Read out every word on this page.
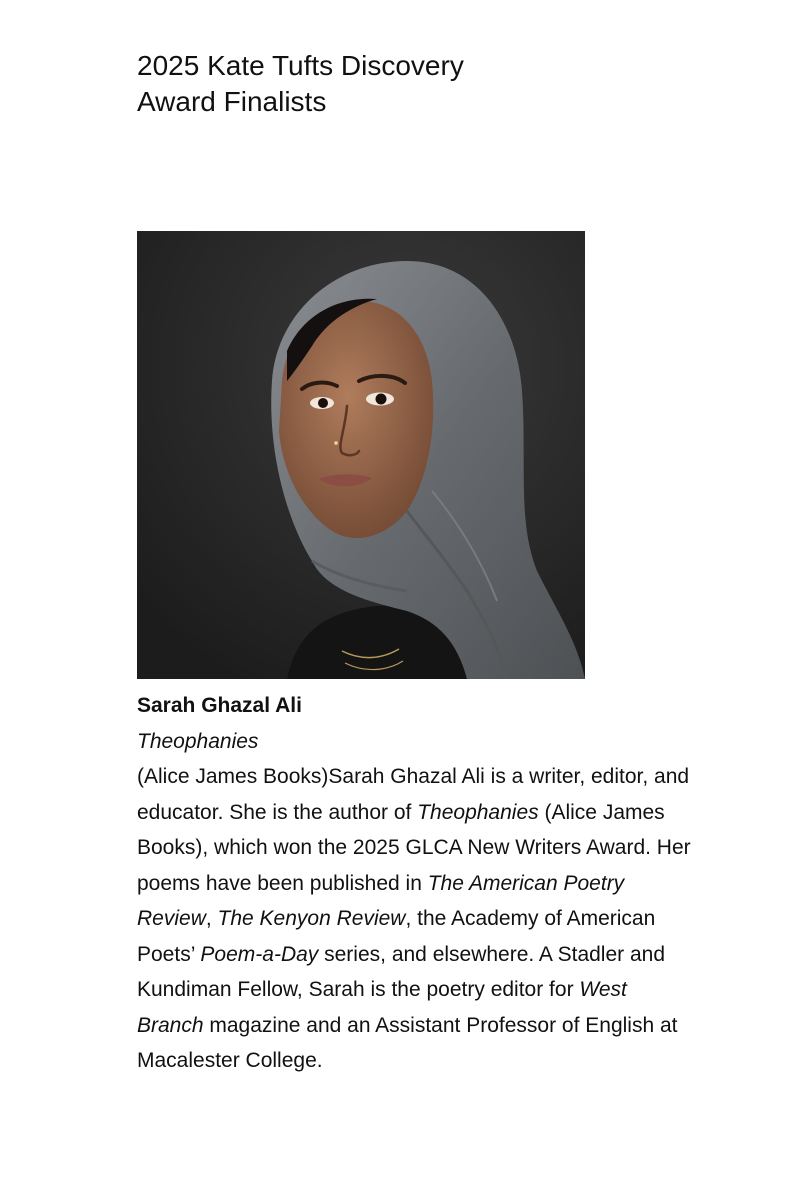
2025 Kate Tufts Discovery
Award Finalists
Sarah Ghazal Ali
Theophanies
(Alice James Books)Sarah Ghazal Ali is a writer, editor, and educator. She is the author of Theophanies (Alice James Books), which won the 2025 GLCA New Writers Award. Her poems have been published in The American Poetry Review, The Kenyon Review, the Academy of American Poets’ Poem-a-Day series, and elsewhere. A Stadler and Kundiman Fellow, Sarah is the poetry editor for West Branch magazine and an Assistant Professor of English at Macalester College.
